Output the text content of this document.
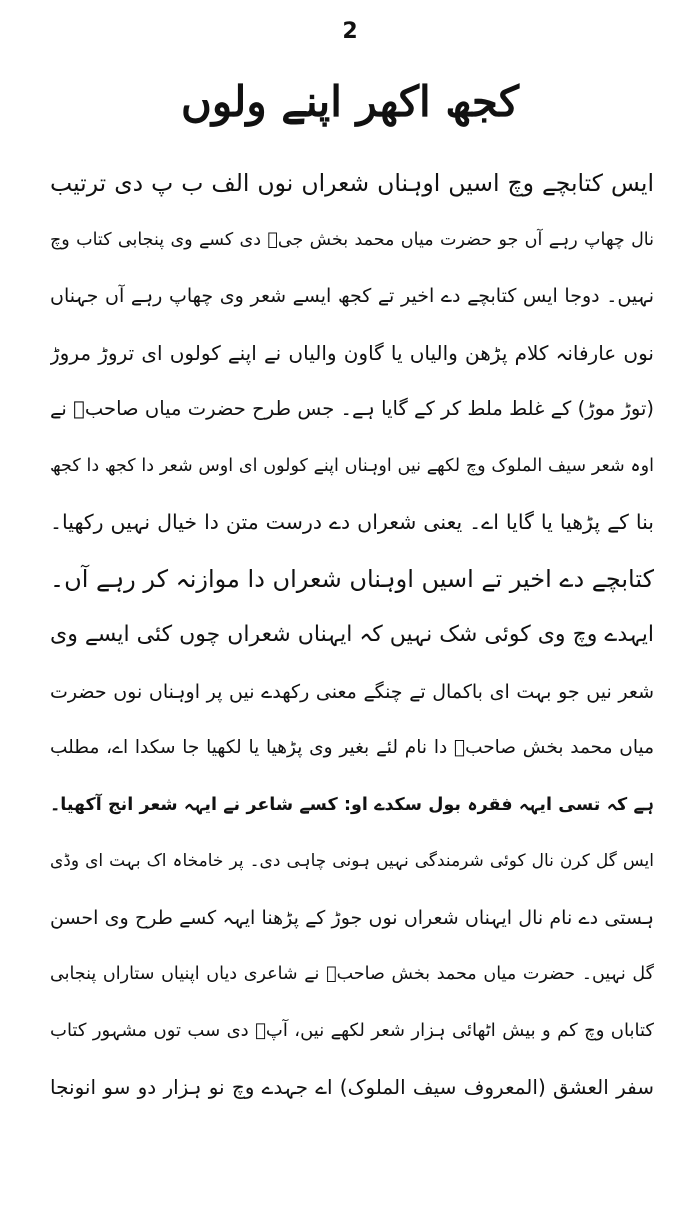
2
کجھ اکھر اپنے ولوں
ایس کتابچے وچ اسیں اوہناں شعراں نوں الف ب پ دی ترتیب
نال چھاپ رہے آں جو حضرت میاں محمد بخش جیؒ دی کسے وی پنجابی کتاب وچ
نہیں۔ دوجا ایس کتابچے دے اخیر تے کجھ ایسے شعر وی چھاپ رہے آں جہناں
نوں عارفانہ کلام پڑھن والیاں یا گاون والیاں نے اپنے کولوں ای تروڑ مروڑ
(توڑ موڑ) کے غلط ملط کر کے گایا ہے۔ جس طرح حضرت میاں صاحبؒ نے
اوہ شعر سیف الملوک وچ لکھے نیں اوہناں اپنے کولوں ای اوس شعر دا کجھ دا کجھ
بنا کے پڑھیا یا گایا اے۔ یعنی شعراں دے درست متن دا خیال نہیں رکھیا۔
کتابچے دے اخیر تے اسیں اوہناں شعراں دا موازنہ کر رہے آں۔
ایہدے وچ وی کوئی شک نہیں کہ ایہناں شعراں چوں کئی ایسے وی
شعر نیں جو بہت ای باکمال تے چنگے معنی رکھدے نیں پر اوہناں نوں حضرت
میاں محمد بخش صاحبؒ دا نام لئے بغیر وی پڑھیا یا لکھیا جا سکدا اے، مطلب
ہے کہ تسی ایہہ فقرہ بول سکدے او: کسے شاعر نے ایہہ شعر انج آکھیا۔
ایس گل کرن نال کوئی شرمندگی نہیں ہونی چاہی دی۔ پر خامخاہ اک بہت ای وڈی
ہستی دے نام نال ایہناں شعراں نوں جوڑ کے پڑھنا ایہہ کسے طرح وی احسن
گل نہیں۔ حضرت میاں محمد بخش صاحبؒ نے شاعری دیاں اپنیاں ستاراں پنجابی
کتاباں وچ کم و بیش اٹھائی ہزار شعر لکھے نیں، آپؒ دی سب توں مشہور کتاب
سفر العشق (المعروف سیف الملوک) اے جہدے وچ نو ہزار دو سو انونجا
